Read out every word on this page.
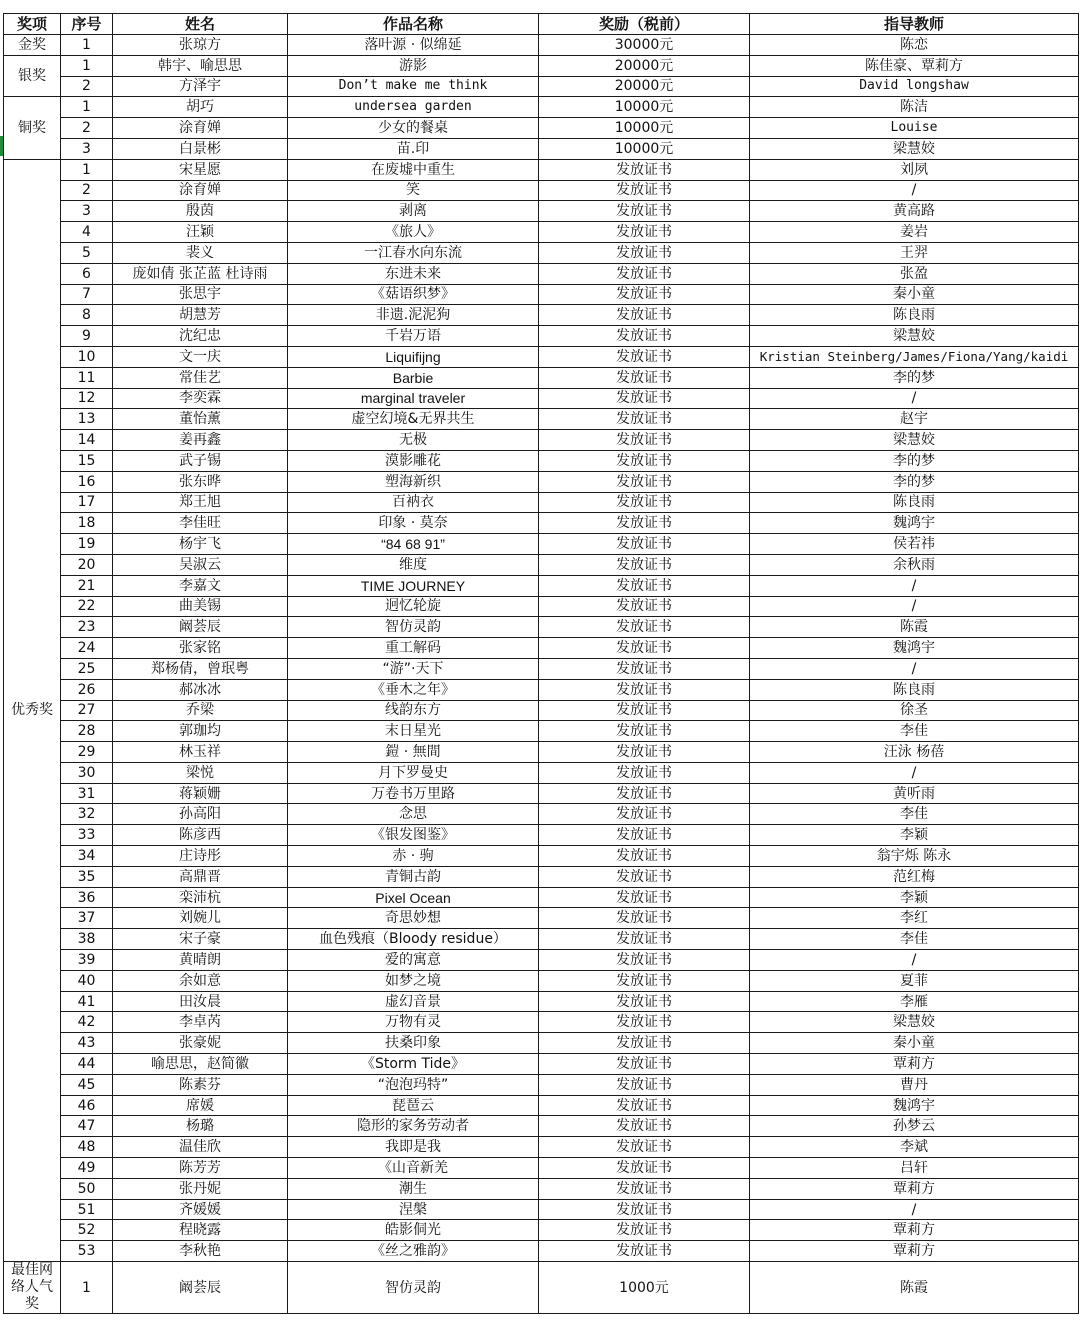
奖项	序号	姓名	作品名称	奖励（税前）	指导教师
金奖	1	张琼方	落叶源 · 似绵延	30000元	陈恋
银奖	1	韩宇、喻思思	游影	20000元	陈佳豪、覃莉方
	2	方泽宇	Don’t make me think	20000元	David longshaw
铜奖	1	胡巧	undersea garden	10000元	陈洁
	2	涂育婵	少女的餐桌	10000元	Louise
	3	白景彬	苗.印	10000元	梁慧姣
优秀奖	1	宋星愿	在废墟中重生	发放证书	刘夙
	2	涂育婵	笑	发放证书	/
	3	殷茵	剥离	发放证书	黄高路
	4	汪颖	《旅人》	发放证书	姜岩
	5	裴义	一江春水向东流	发放证书	王羿
	6	庞如倩 张芷蓝 杜诗雨	东进未来	发放证书	张盈
	7	张思宇	《菇语织梦》	发放证书	秦小童
	8	胡慧芳	非遗.泥泥狗	发放证书	陈良雨
	9	沈纪忠	千岩万语	发放证书	梁慧姣
	10	文一庆	Liquifijng	发放证书	Kristian Steinberg/James/Fiona/Yang/kaidi
	11	常佳艺	Barbie	发放证书	李的梦
	12	李奕霖	marginal traveler	发放证书	/
	13	董怡薰	虚空幻境&无界共生	发放证书	赵宇
	14	姜再鑫	无极	发放证书	梁慧姣
	15	武子锡	漠影雕花	发放证书	李的梦
	16	张东晔	塑海新织	发放证书	李的梦
	17	郑王旭	百衲衣	发放证书	陈良雨
	18	李佳旺	印象 · 莫奈	发放证书	魏鸿宇
	19	杨宇飞	“84 68 91”	发放证书	侯若祎
	20	吴淑云	维度	发放证书	余秋雨
	21	李嘉文	TIME JOURNEY	发放证书	/
	22	曲美锡	迥忆轮旋	发放证书	/
	23	阚荟辰	智仿灵韵	发放证书	陈霞
	24	张家铭	重工解码	发放证书	魏鸿宇
	25	郑杨倩，曾珉粤	“游”·天下	发放证书	/
	26	郝冰冰	《垂木之年》	发放证书	陈良雨
	27	乔梁	线韵东方	发放证书	徐圣
	28	郭珈均	末日星光	发放证书	李佳
	29	林玉祥	鎧 · 無間	发放证书	汪泳 杨蓓
	30	梁悦	月下罗曼史	发放证书	/
	31	蒋颖姗	万卷书万里路	发放证书	黄听雨
	32	孙高阳	念思	发放证书	李佳
	33	陈彦西	《银发图鉴》	发放证书	李颖
	34	庄诗彤	赤 · 驹	发放证书	翁宇烁 陈永
	35	高鼎晋	青铜古韵	发放证书	范红梅
	36	栾沛杭	Pixel Ocean	发放证书	李颖
	37	刘婉儿	奇思妙想	发放证书	李红
	38	宋子豪	血色残痕（Bloody residue）	发放证书	李佳
	39	黄晴朗	爱的寓意	发放证书	/
	40	余如意	如梦之境	发放证书	夏菲
	41	田汝晨	虚幻音景	发放证书	李雁
	42	李卓芮	万物有灵	发放证书	梁慧姣
	43	张豪妮	扶桑印象	发放证书	秦小童
	44	喻思思，赵简徽	《Storm Tide》	发放证书	覃莉方
	45	陈素芬	“泡泡玛特”	发放证书	曹丹
	46	席媛	琵琶云	发放证书	魏鸿宇
	47	杨璐	隐形的家务劳动者	发放证书	孙梦云
	48	温佳欣	我即是我	发放证书	李斌
	49	陈芳芳	《山音新羌	发放证书	吕轩
	50	张丹妮	潮生	发放证书	覃莉方
	51	齐媛媛	涅槃	发放证书	/
	52	程晓露	皓影侗光	发放证书	覃莉方
	53	李秋艳	《丝之雅韵》	发放证书	覃莉方
最佳网络人气奖	1	阚荟辰	智仿灵韵	1000元	陈霞
